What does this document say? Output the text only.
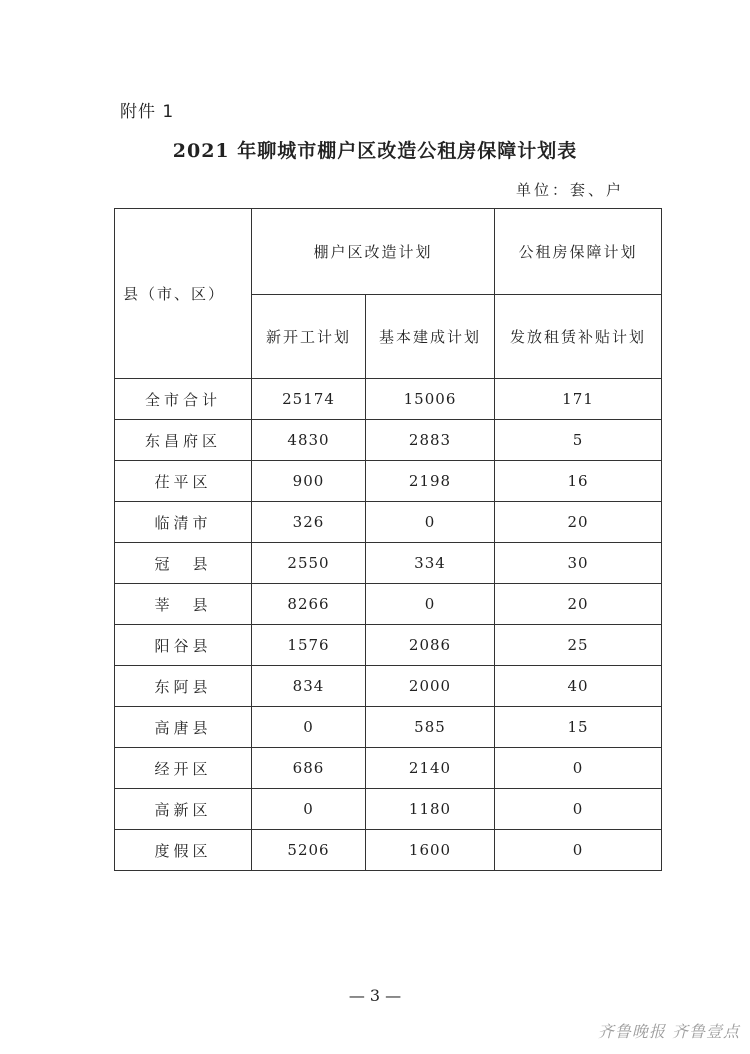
附件 1
2021 年聊城市棚户区改造公租房保障计划表
单位：套、户
县（市、区）	棚户区改造计划		公租房保障计划
	新开工计划	基本建成计划	发放租赁补贴计划
全市合计	25174	15006	171
东昌府区	4830	2883	5
茌平区	900	2198	16
临清市	326	0	20
冠　县	2550	334	30
莘　县	8266	0	20
阳谷县	1576	2086	25
东阿县	834	2000	40
高唐县	0	585	15
经开区	686	2140	0
高新区	0	1180	0
度假区	5206	1600	0
— 3 —
齐鲁晚报 齐鲁壹点
